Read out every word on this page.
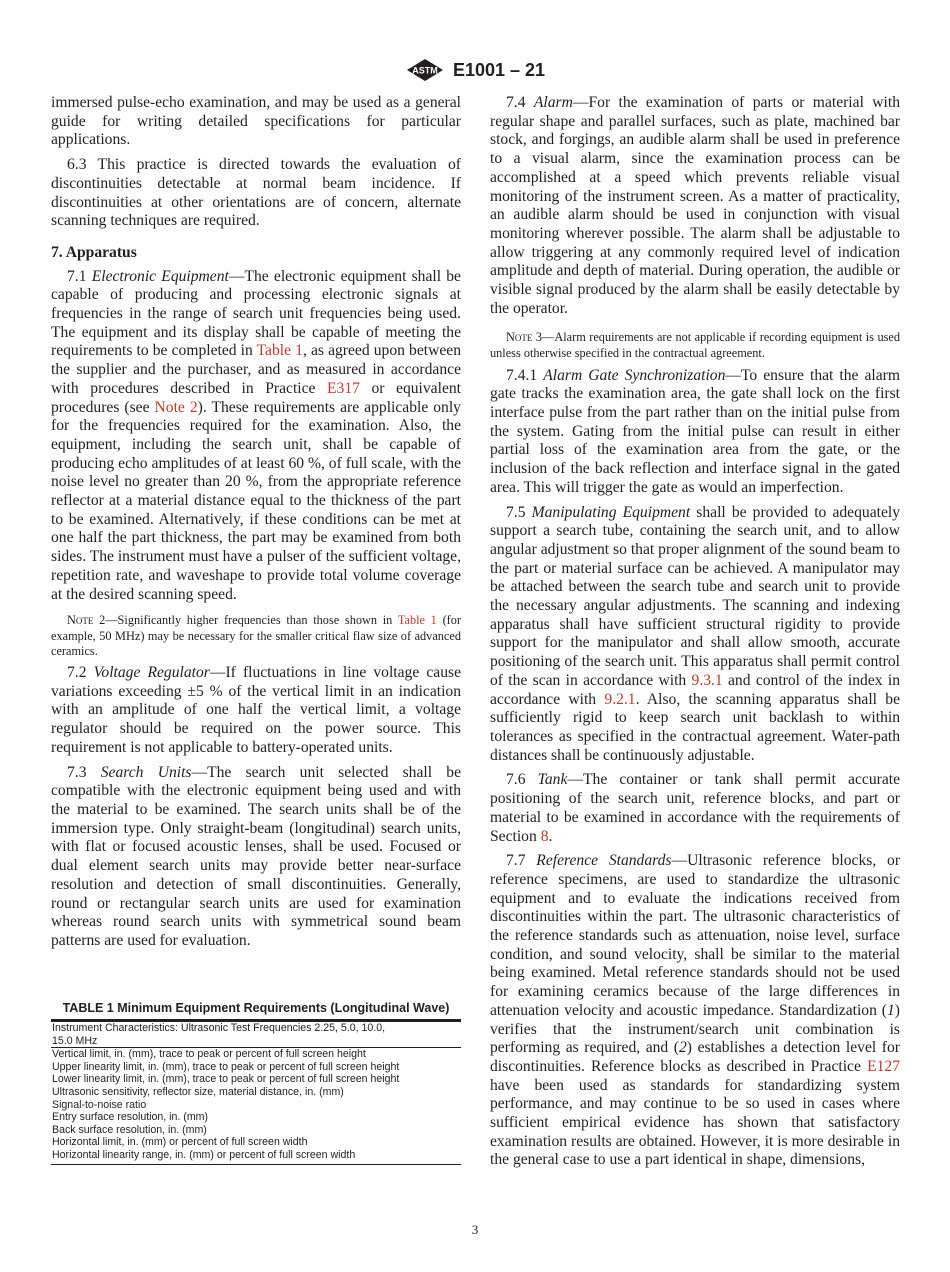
ASTM E1001 – 21

immersed pulse-echo examination, and may be used as a general guide for writing detailed specifications for particular applications.

6.3 This practice is directed towards the evaluation of discontinuities detectable at normal beam incidence. If discontinuities at other orientations are of concern, alternate scanning techniques are required.

7. Apparatus

7.1 Electronic Equipment—The electronic equipment shall be capable of producing and processing electronic signals at frequencies in the range of search unit frequencies being used. The equipment and its display shall be capable of meeting the requirements to be completed in Table 1, as agreed upon between the supplier and the purchaser, and as measured in accordance with procedures described in Practice E317 or equivalent procedures (see Note 2). These requirements are applicable only for the frequencies required for the examination. Also, the equipment, including the search unit, shall be capable of producing echo amplitudes of at least 60 %, of full scale, with the noise level no greater than 20 %, from the appropriate reference reflector at a material distance equal to the thickness of the part to be examined. Alternatively, if these conditions can be met at one half the part thickness, the part may be examined from both sides. The instrument must have a pulser of the sufficient voltage, repetition rate, and waveshape to provide total volume coverage at the desired scanning speed.

Note 2—Significantly higher frequencies than those shown in Table 1 (for example, 50 MHz) may be necessary for the smaller critical flaw size of advanced ceramics.

7.2 Voltage Regulator—If fluctuations in line voltage cause variations exceeding ±5 % of the vertical limit in an indication with an amplitude of one half the vertical limit, a voltage regulator should be required on the power source. This requirement is not applicable to battery-operated units.

7.3 Search Units—The search unit selected shall be compatible with the electronic equipment being used and with the material to be examined. The search units shall be of the immersion type. Only straight-beam (longitudinal) search units, with flat or focused acoustic lenses, shall be used. Focused or dual element search units may provide better near-surface resolution and detection of small discontinuities. Generally, round or rectangular search units are used for examination whereas round search units with symmetrical sound beam patterns are used for evaluation.

TABLE 1 Minimum Equipment Requirements (Longitudinal Wave)
Instrument Characteristics: Ultrasonic Test Frequencies 2.25, 5.0, 10.0, 15.0 MHz
Vertical limit, in. (mm), trace to peak or percent of full screen height
Upper linearity limit, in. (mm), trace to peak or percent of full screen height
Lower linearity limit, in. (mm), trace to peak or percent of full screen height
Ultrasonic sensitivity, reflector size, material distance, in. (mm)
Signal-to-noise ratio
Entry surface resolution, in. (mm)
Back surface resolution, in. (mm)
Horizontal limit, in. (mm) or percent of full screen width
Horizontal linearity range, in. (mm) or percent of full screen width

7.4 Alarm—For the examination of parts or material with regular shape and parallel surfaces, such as plate, machined bar stock, and forgings, an audible alarm shall be used in preference to a visual alarm, since the examination process can be accomplished at a speed which prevents reliable visual monitoring of the instrument screen. As a matter of practicality, an audible alarm should be used in conjunction with visual monitoring wherever possible. The alarm shall be adjustable to allow triggering at any commonly required level of indication amplitude and depth of material. During operation, the audible or visible signal produced by the alarm shall be easily detectable by the operator.

Note 3—Alarm requirements are not applicable if recording equipment is used unless otherwise specified in the contractual agreement.

7.4.1 Alarm Gate Synchronization—To ensure that the alarm gate tracks the examination area, the gate shall lock on the first interface pulse from the part rather than on the initial pulse from the system. Gating from the initial pulse can result in either partial loss of the examination area from the gate, or the inclusion of the back reflection and interface signal in the gated area. This will trigger the gate as would an imperfection.

7.5 Manipulating Equipment shall be provided to adequately support a search tube, containing the search unit, and to allow angular adjustment so that proper alignment of the sound beam to the part or material surface can be achieved. A manipulator may be attached between the search tube and search unit to provide the necessary angular adjustments. The scanning and indexing apparatus shall have sufficient structural rigidity to provide support for the manipulator and shall allow smooth, accurate positioning of the search unit. This apparatus shall permit control of the scan in accordance with 9.3.1 and control of the index in accordance with 9.2.1. Also, the scanning apparatus shall be sufficiently rigid to keep search unit backlash to within tolerances as specified in the contractual agreement. Water-path distances shall be continuously adjustable.

7.6 Tank—The container or tank shall permit accurate positioning of the search unit, reference blocks, and part or material to be examined in accordance with the requirements of Section 8.

7.7 Reference Standards—Ultrasonic reference blocks, or reference specimens, are used to standardize the ultrasonic equipment and to evaluate the indications received from discontinuities within the part. The ultrasonic characteristics of the reference standards such as attenuation, noise level, surface condition, and sound velocity, shall be similar to the material being examined. Metal reference standards should not be used for examining ceramics because of the large differences in attenuation velocity and acoustic impedance. Standardization (1) verifies that the instrument/search unit combination is performing as required, and (2) establishes a detection level for discontinuities. Reference blocks as described in Practice E127 have been used as standards for standardizing system performance, and may continue to be so used in cases where sufficient empirical evidence has shown that satisfactory examination results are obtained. However, it is more desirable in the general case to use a part identical in shape, dimensions,

3
